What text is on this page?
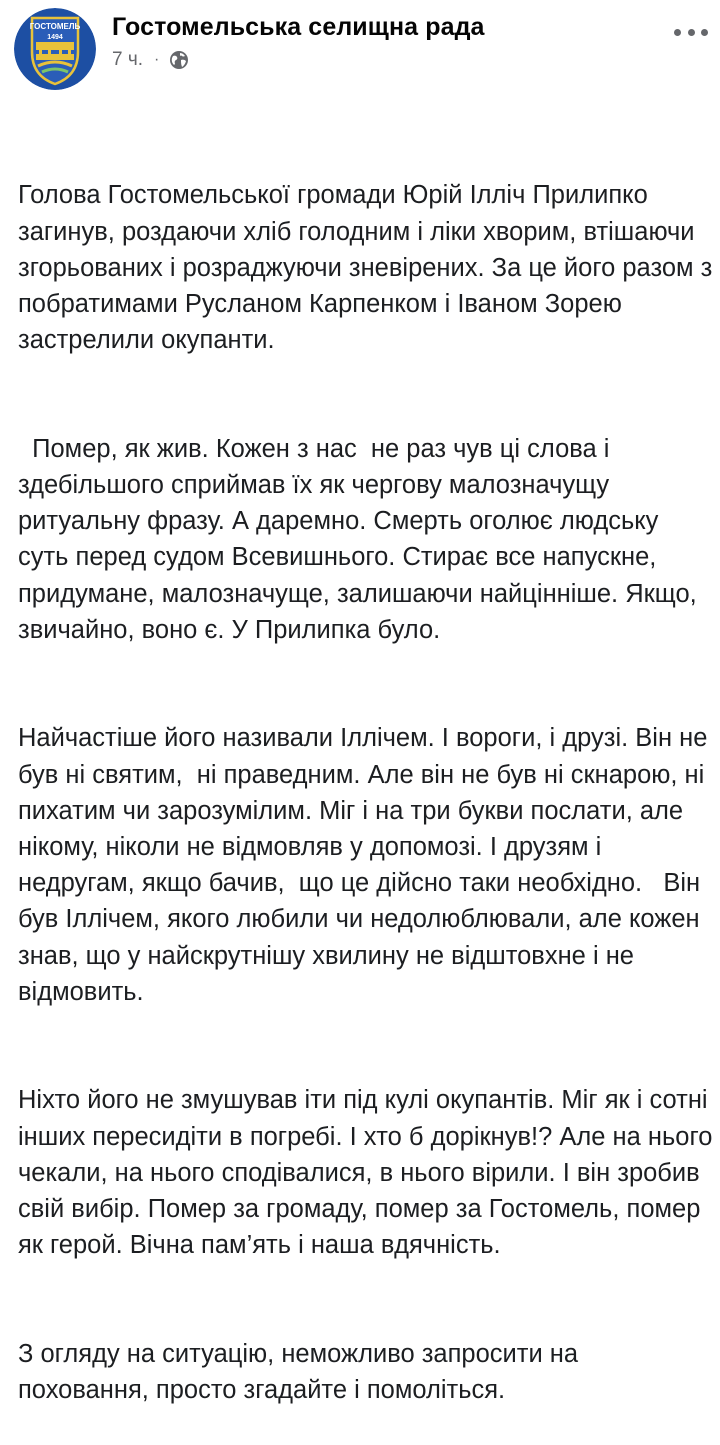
ГОСТОМЕЛЬ
1494 Гостомельська селищна рада
7 ч. ·

Голова Гостомельської громади Юрій Ілліч Прилипко загинув, роздаючи хліб голодним і ліки хворим, втішаючи згорьованих і розраджуючи зневірених. За це його разом з побратимами Русланом Карпенком і Іваном Зорею застрелили окупанти.

Помер, як жив. Кожен з нас  не раз чув ці слова і здебільшого сприймав їх як чергову малозначущу ритуальну фразу. А даремно. Смерть оголює людську суть перед судом Всевишнього. Стирає все напускне, придумане, малозначуще, залишаючи найцінніше. Якщо, звичайно, воно є. У Прилипка було.

Найчастіше його називали Іллічем. І вороги, і друзі. Він не був ні святим,  ні праведним. Але він не був ні скнарою, ні пихатим чи зарозумілим. Міг і на три букви послати, але нікому, ніколи не відмовляв у допомозі. І друзям і недругам, якщо бачив,  що це дійсно таки необхідно.   Він був Іллічем, якого любили чи недолюблювали, але кожен знав, що у найскрутнішу хвилину не відштовхне і не відмовить.

Ніхто його не змушував іти під кулі окупантів. Міг як і сотні інших пересидіти в погребі. І хто б дорікнув!? Але на нього чекали, на нього сподівалися, в нього вірили. І він зробив свій вибір. Помер за громаду, помер за Гостомель, помер як герой. Вічна пам’ять і наша вдячність.

З огляду на ситуацію, неможливо запросити на поховання, просто згадайте і помоліться.
